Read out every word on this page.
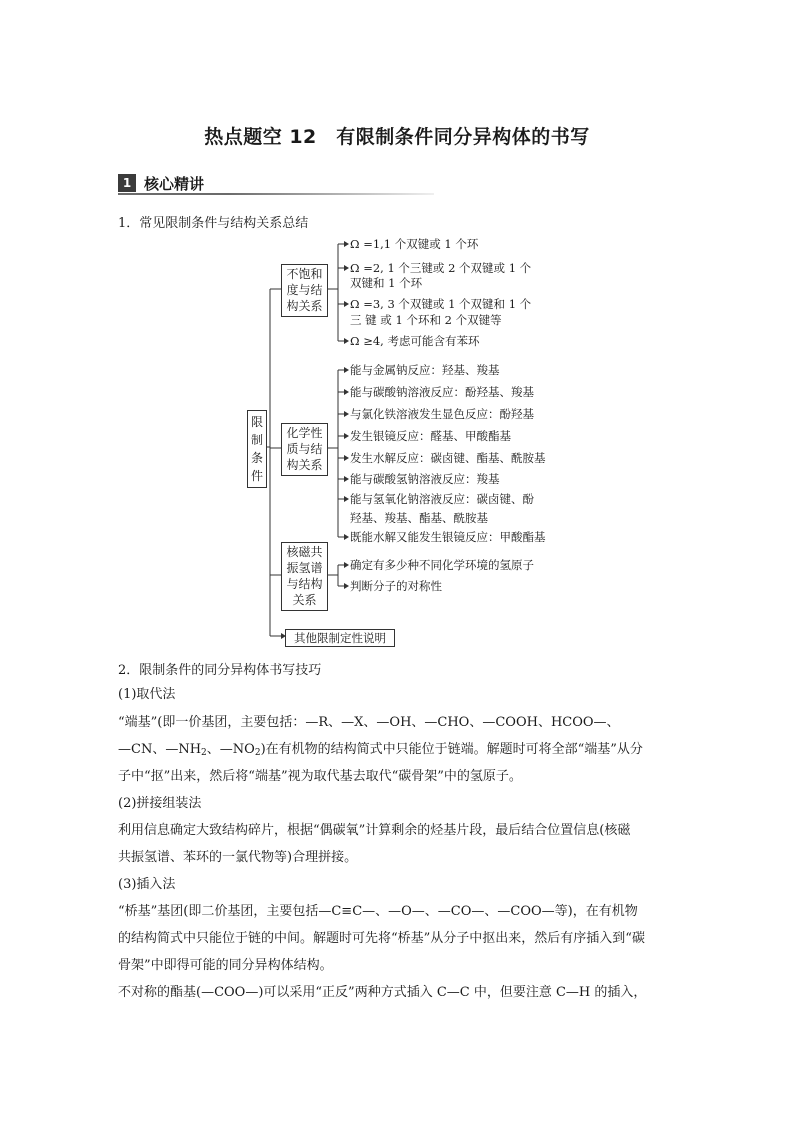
热点题空 12　有限制条件同分异构体的书写
1 核心精讲
1．常见限制条件与结构关系总结
限制条件
不饱和度与结构关系
化学性质与结构关系
核磁共振氢谱与结构关系
其他限制定性说明
Ω =1,1 个双键或 1 个环
Ω =2, 1 个三键或 2 个双键或 1 个
双键和 1 个环
Ω =3, 3 个双键或 1 个双键和 1 个
三 键 或 1 个环和 2 个双键等
Ω ≥4, 考虑可能含有苯环
能与金属钠反应：羟基、羧基
能与碳酸钠溶液反应：酚羟基、羧基
与氯化铁溶液发生显色反应：酚羟基
发生银镜反应：醛基、甲酸酯基
发生水解反应：碳卤键、酯基、酰胺基
能与碳酸氢钠溶液反应：羧基
能与氢氧化钠溶液反应：碳卤键、酚
羟基、羧基、酯基、酰胺基
既能水解又能发生银镜反应：甲酸酯基
确定有多少种不同化学环境的氢原子
判断分子的对称性
2．限制条件的同分异构体书写技巧
(1)取代法
“端基”(即一价基团，主要包括：—R、—X、—OH、—CHO、—COOH、HCOO—、
—CN、$—NH_2$、$—NO_2$)在有机物的结构简式中只能位于链端。解题时可将全部“端基”从分
子中“抠”出来，然后将“端基”视为取代基去取代“碳骨架”中的氢原子。
(2)拼接组装法
利用信息确定大致结构碎片，根据“偶碳氧”计算剩余的烃基片段，最后结合位置信息(核磁
共振氢谱、苯环的一氯代物等)合理拼接。
(3)插入法
“桥基”基团(即二价基团，主要包括—C≡C—、—O—、—CO—、—COO—等)，在有机物
的结构简式中只能位于链的中间。解题时可先将“桥基”从分子中抠出来，然后有序插入到“碳
骨架”中即得可能的同分异构体结构。
不对称的酯基(—COO—)可以采用“正反”两种方式插入 C—C 中，但要注意 C—H 的插入，
